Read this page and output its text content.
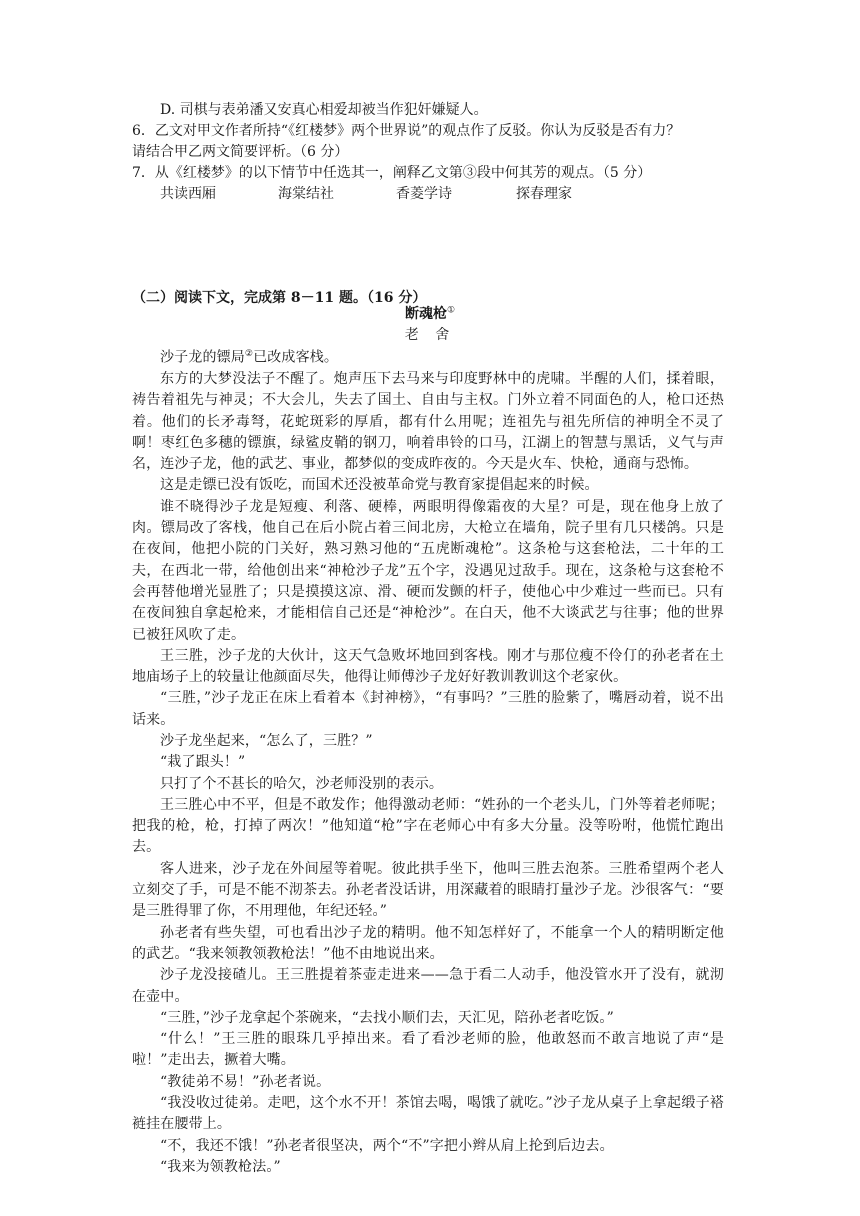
D. 司棋与表弟潘又安真心相爱却被当作犯奸嫌疑人。

6．乙文对甲文作者所持“《红楼梦》两个世界说”的观点作了反驳。你认为反驳是否有力？

请结合甲乙两文简要评析。（6 分）

7．从《红楼梦》的以下情节中任选其一，阐释乙文第③段中何其芳的观点。（5 分）

共读西厢	海棠结社	香菱学诗	探春理家
（二）阅读下文，完成第 8－11 题。（16 分）
断魂枪①
老 舍

沙子龙的镖局②已改成客栈。

东方的大梦没法子不醒了。炮声压下去马来与印度野林中的虎啸。半醒的人们，揉着眼，祷告着祖先与神灵；不大会儿，失去了国土、自由与主权。门外立着不同面色的人，枪口还热着。他们的长矛毒弩，花蛇斑彩的厚盾，都有什么用呢；连祖先与祖先所信的神明全不灵了啊！枣红色多穗的镖旗，绿鲨皮鞘的钢刀，响着串铃的口马，江湖上的智慧与黑话，义气与声名，连沙子龙，他的武艺、事业，都梦似的变成昨夜的。今天是火车、快枪，通商与恐怖。

这是走镖已没有饭吃，而国术还没被革命党与教育家提倡起来的时候。

谁不晓得沙子龙是短瘦、利落、硬棒，两眼明得像霜夜的大星？可是，现在他身上放了肉。镖局改了客栈，他自己在后小院占着三间北房，大枪立在墙角，院子里有几只楼鸽。只是在夜间，他把小院的门关好，熟习熟习他的“五虎断魂枪”。这条枪与这套枪法，二十年的工夫，在西北一带，给他创出来“神枪沙子龙”五个字，没遇见过敌手。现在，这条枪与这套枪不会再替他增光显胜了；只是摸摸这凉、滑、硬而发颤的杆子，使他心中少难过一些而已。只有在夜间独自拿起枪来，才能相信自己还是“神枪沙”。在白天，他不大谈武艺与往事；他的世界已被狂风吹了走。

王三胜，沙子龙的大伙计，这天气急败坏地回到客栈。刚才与那位瘦不伶仃的孙老者在土地庙场子上的较量让他颜面尽失，他得让师傅沙子龙好好教训教训这个老家伙。

“三胜，”沙子龙正在床上看着本《封神榜》，“有事吗？”三胜的脸紫了，嘴唇动着，说不出话来。

沙子龙坐起来，“怎么了，三胜？”

“栽了跟头！”

只打了个不甚长的哈欠，沙老师没别的表示。

王三胜心中不平，但是不敢发作；他得激动老师：“姓孙的一个老头儿，门外等着老师呢；把我的枪，枪，打掉了两次！”他知道“枪”字在老师心中有多大分量。没等吩咐，他慌忙跑出去。

客人进来，沙子龙在外间屋等着呢。彼此拱手坐下，他叫三胜去泡茶。三胜希望两个老人立刻交了手，可是不能不沏茶去。孙老者没话讲，用深藏着的眼睛打量沙子龙。沙很客气：“要是三胜得罪了你，不用理他，年纪还轻。”

孙老者有些失望，可也看出沙子龙的精明。他不知怎样好了，不能拿一个人的精明断定他的武艺。“我来领教领教枪法！”他不由地说出来。

沙子龙没接碴儿。王三胜提着茶壶走进来——急于看二人动手，他没管水开了没有，就沏在壶中。

“三胜，”沙子龙拿起个茶碗来，“去找小顺们去，天汇见，陪孙老者吃饭。”

“什么！”王三胜的眼珠几乎掉出来。看了看沙老师的脸，他敢怒而不敢言地说了声“是啦！”走出去，撅着大嘴。

“教徒弟不易！”孙老者说。

“我没收过徒弟。走吧，这个水不开！茶馆去喝，喝饿了就吃。”沙子龙从桌子上拿起缎子褡裢挂在腰带上。

“不，我还不饿！”孙老者很坚决，两个“不”字把小辫从肩上抡到后边去。

“我来为领教枪法。”
